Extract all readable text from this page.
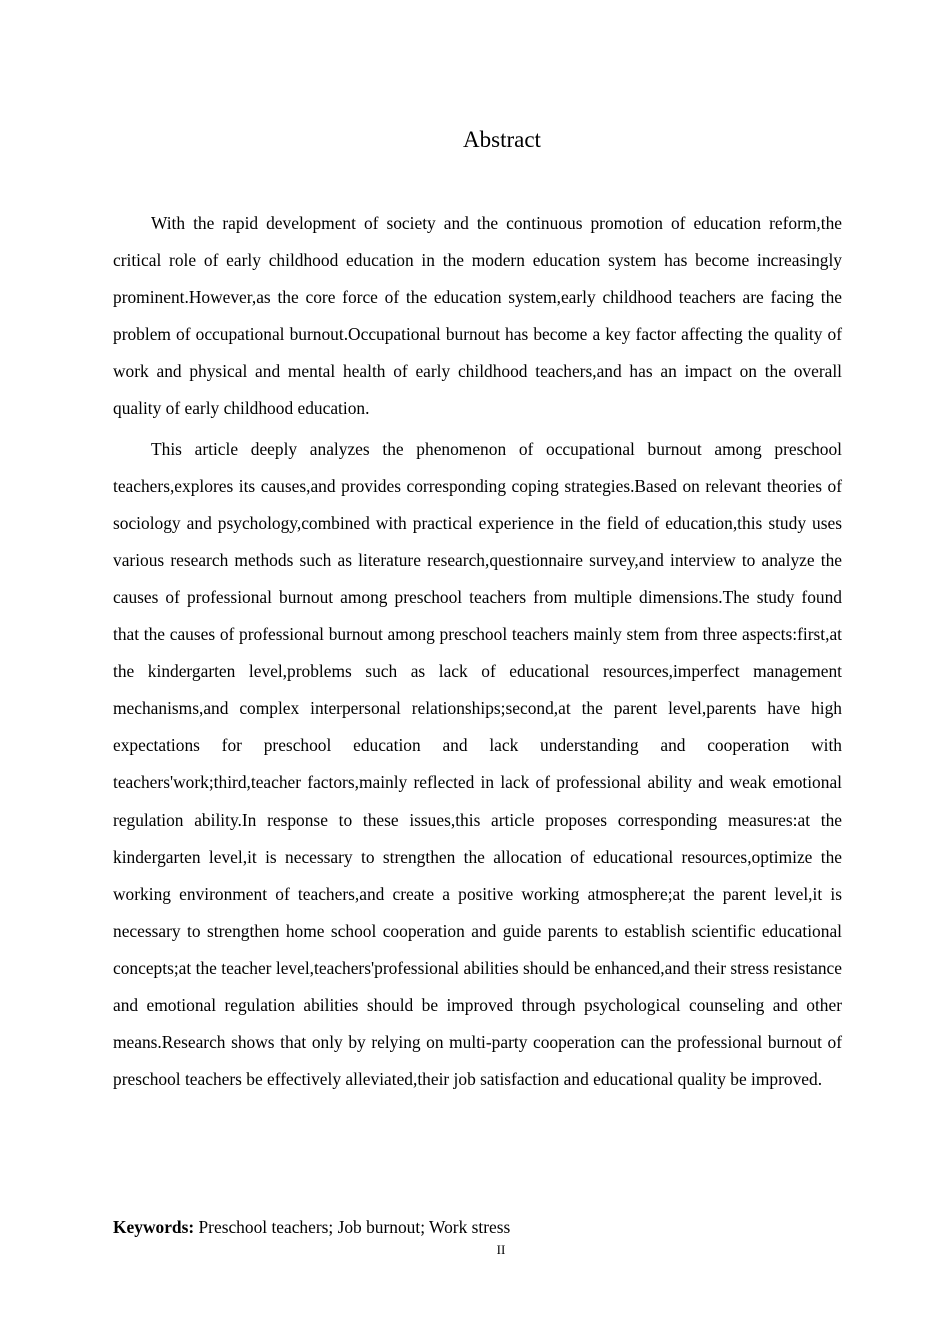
Abstract

With the rapid development of society and the continuous promotion of education reform,the critical role of early childhood education in the modern education system has become increasingly prominent.However,as the core force of the education system,early childhood teachers are facing the problem of occupational burnout.Occupational burnout has become a key factor affecting the quality of work and physical and mental health of early childhood teachers,and has an impact on the overall quality of early childhood education.

This article deeply analyzes the phenomenon of occupational burnout among preschool teachers,explores its causes,and provides corresponding coping strategies.Based on relevant theories of sociology and psychology,combined with practical experience in the field of education,this study uses various research methods such as literature research,questionnaire survey,and interview to analyze the causes of professional burnout among preschool teachers from multiple dimensions.The study found that the causes of professional burnout among preschool teachers mainly stem from three aspects:first,at the kindergarten level,problems such as lack of educational resources,imperfect management mechanisms,and complex interpersonal relationships;second,at the parent level,parents have high expectations for preschool education and lack understanding and cooperation with teachers'work;third,teacher factors,mainly reflected in lack of professional ability and weak emotional regulation ability.In response to these issues,this article proposes corresponding measures:at the kindergarten level,it is necessary to strengthen the allocation of educational resources,optimize the working environment of teachers,and create a positive working atmosphere;at the parent level,it is necessary to strengthen home school cooperation and guide parents to establish scientific educational concepts;at the teacher level,teachers'professional abilities should be enhanced,and their stress resistance and emotional regulation abilities should be improved through psychological counseling and other means.Research shows that only by relying on multi-party cooperation can the professional burnout of preschool teachers be effectively alleviated,their job satisfaction and educational quality be improved.

Keywords: Preschool teachers; Job burnout; Work stress

II
